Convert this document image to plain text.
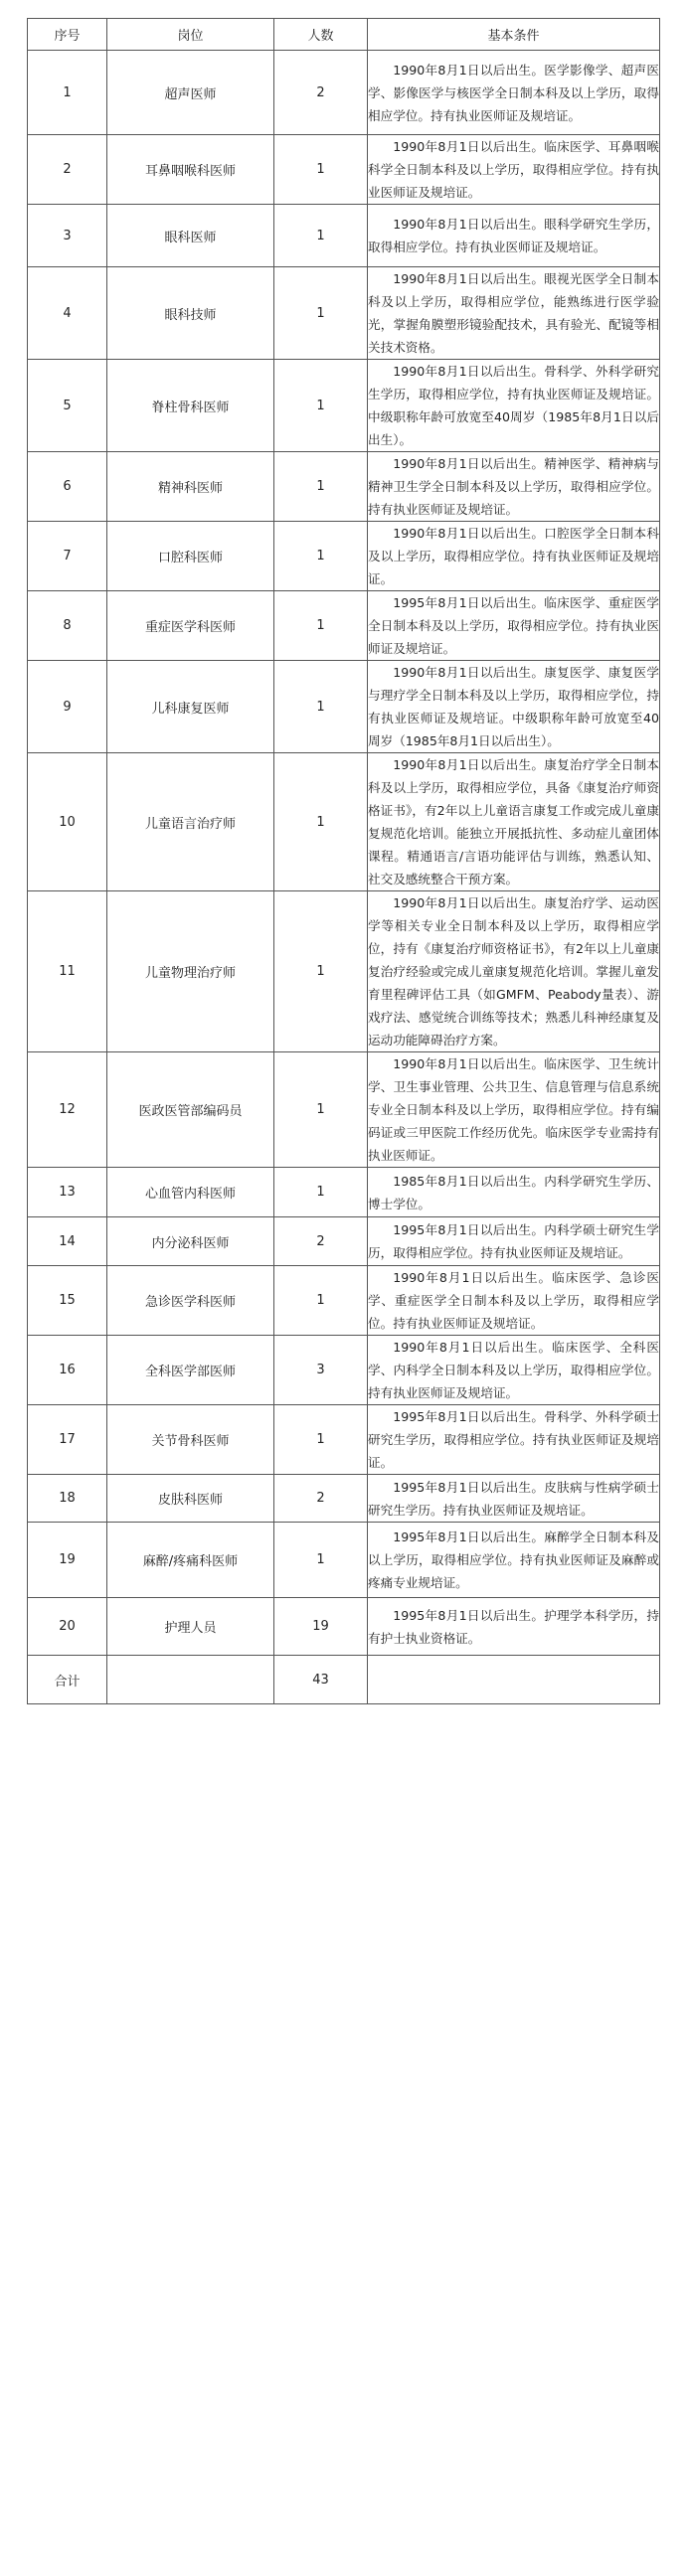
序号	岗位	人数	基本条件
1	超声医师	2	1990年8月1日以后出生。医学影像学、超声医学、影像医学与核医学全日制本科及以上学历，取得相应学位。持有执业医师证及规培证。
2	耳鼻咽喉科医师	1	1990年8月1日以后出生。临床医学、耳鼻咽喉科学全日制本科及以上学历，取得相应学位。持有执业医师证及规培证。
3	眼科医师	1	1990年8月1日以后出生。眼科学研究生学历，取得相应学位。持有执业医师证及规培证。
4	眼科技师	1	1990年8月1日以后出生。眼视光医学全日制本科及以上学历，取得相应学位，能熟练进行医学验光，掌握角膜塑形镜验配技术，具有验光、配镜等相关技术资格。
5	脊柱骨科医师	1	1990年8月1日以后出生。骨科学、外科学研究生学历，取得相应学位，持有执业医师证及规培证。中级职称年龄可放宽至40周岁（1985年8月1日以后出生）。
6	精神科医师	1	1990年8月1日以后出生。精神医学、精神病与精神卫生学全日制本科及以上学历，取得相应学位。持有执业医师证及规培证。
7	口腔科医师	1	1990年8月1日以后出生。口腔医学全日制本科及以上学历，取得相应学位。持有执业医师证及规培证。
8	重症医学科医师	1	1995年8月1日以后出生。临床医学、重症医学全日制本科及以上学历，取得相应学位。持有执业医师证及规培证。
9	儿科康复医师	1	1990年8月1日以后出生。康复医学、康复医学与理疗学全日制本科及以上学历，取得相应学位，持有执业医师证及规培证。中级职称年龄可放宽至40周岁（1985年8月1日以后出生）。
10	儿童语言治疗师	1	1990年8月1日以后出生。康复治疗学全日制本科及以上学历，取得相应学位，具备《康复治疗师资格证书》，有2年以上儿童语言康复工作或完成儿童康复规范化培训。能独立开展抵抗性、多动症儿童团体课程。精通语言/言语功能评估与训练，熟悉认知、社交及感统整合干预方案。
11	儿童物理治疗师	1	1990年8月1日以后出生。康复治疗学、运动医学等相关专业全日制本科及以上学历，取得相应学位，持有《康复治疗师资格证书》，有2年以上儿童康复治疗经验或完成儿童康复规范化培训。掌握儿童发育里程碑评估工具（如GMFM、Peabody量表）、游戏疗法、感觉统合训练等技术；熟悉儿科神经康复及运动功能障碍治疗方案。
12	医政医管部编码员	1	1990年8月1日以后出生。临床医学、卫生统计学、卫生事业管理、公共卫生、信息管理与信息系统专业全日制本科及以上学历，取得相应学位。持有编码证或三甲医院工作经历优先。临床医学专业需持有执业医师证。
13	心血管内科医师	1	1985年8月1日以后出生。内科学研究生学历、博士学位。
14	内分泌科医师	2	1995年8月1日以后出生。内科学硕士研究生学历，取得相应学位。持有执业医师证及规培证。
15	急诊医学科医师	1	1990年8月1日以后出生。临床医学、急诊医学、重症医学全日制本科及以上学历，取得相应学位。持有执业医师证及规培证。
16	全科医学部医师	3	1990年8月1日以后出生。临床医学、全科医学、内科学全日制本科及以上学历，取得相应学位。持有执业医师证及规培证。
17	关节骨科医师	1	1995年8月1日以后出生。骨科学、外科学硕士研究生学历，取得相应学位。持有执业医师证及规培证。
18	皮肤科医师	2	1995年8月1日以后出生。皮肤病与性病学硕士研究生学历。持有执业医师证及规培证。
19	麻醉/疼痛科医师	1	1995年8月1日以后出生。麻醉学全日制本科及以上学历，取得相应学位。持有执业医师证及麻醉或疼痛专业规培证。
20	护理人员	19	1995年8月1日以后出生。护理学本科学历，持有护士执业资格证。
合计		43	
